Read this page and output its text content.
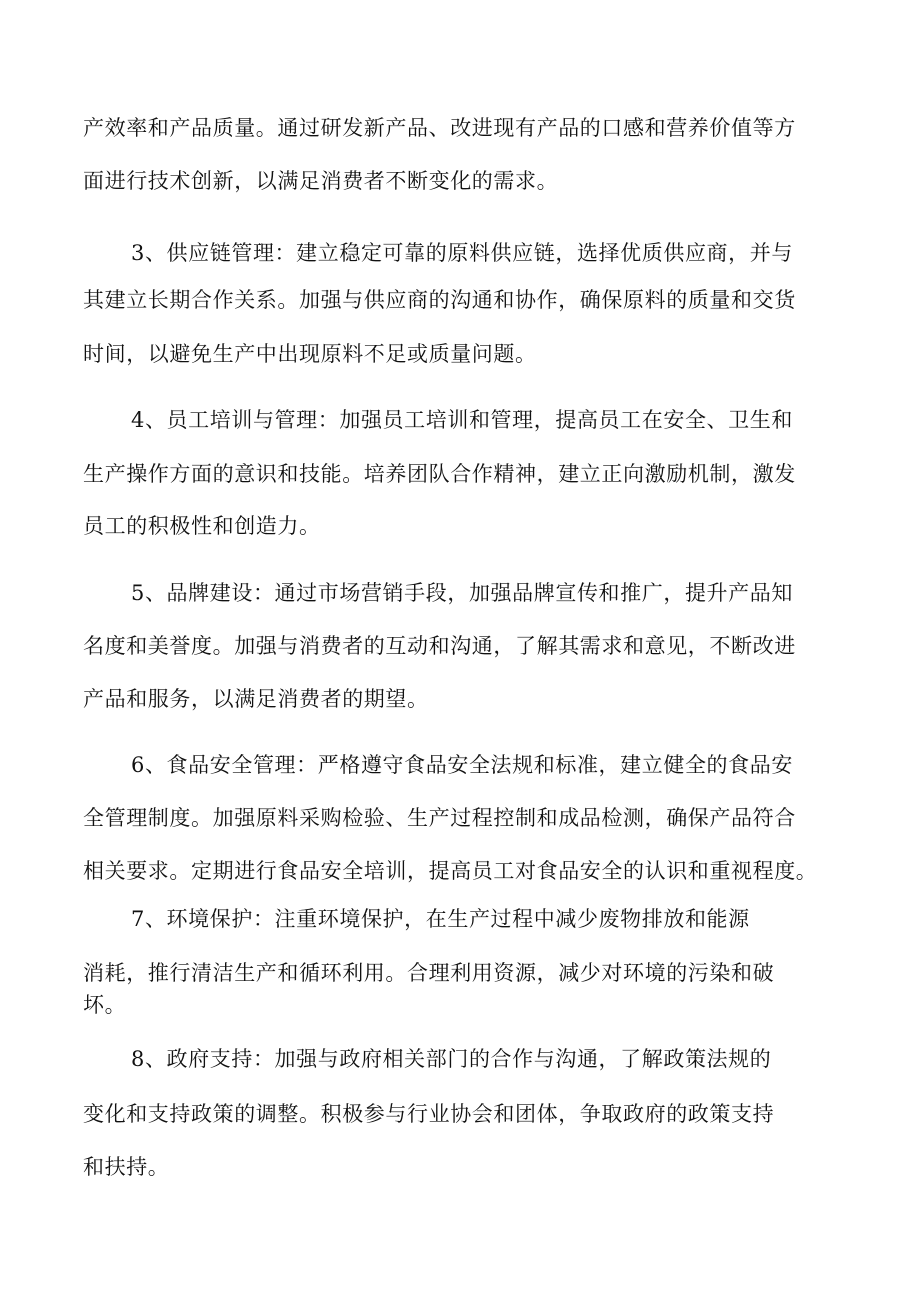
产效率和产品质量。通过研发新产品、改进现有产品的口感和营养价值等方
面进行技术创新，以满足消费者不断变化的需求。
3、供应链管理：建立稳定可靠的原料供应链，选择优质供应商，并与
其建立长期合作关系。加强与供应商的沟通和协作，确保原料的质量和交货
时间，以避免生产中出现原料不足或质量问题。
4、员工培训与管理：加强员工培训和管理，提高员工在安全、卫生和
生产操作方面的意识和技能。培养团队合作精神，建立正向激励机制，激发
员工的积极性和创造力。
5、品牌建设：通过市场营销手段，加强品牌宣传和推广，提升产品知
名度和美誉度。加强与消费者的互动和沟通，了解其需求和意见，不断改进
产品和服务，以满足消费者的期望。
6、食品安全管理：严格遵守食品安全法规和标准，建立健全的食品安
全管理制度。加强原料采购检验、生产过程控制和成品检测，确保产品符合
相关要求。定期进行食品安全培训，提高员工对食品安全的认识和重视程度。
7、环境保护：注重环境保护，在生产过程中减少废物排放和能源
消耗，推行清洁生产和循环利用。合理利用资源，减少对环境的污染和破
坏。
8、政府支持：加强与政府相关部门的合作与沟通，了解政策法规的
变化和支持政策的调整。积极参与行业协会和团体，争取政府的政策支持
和扶持。
